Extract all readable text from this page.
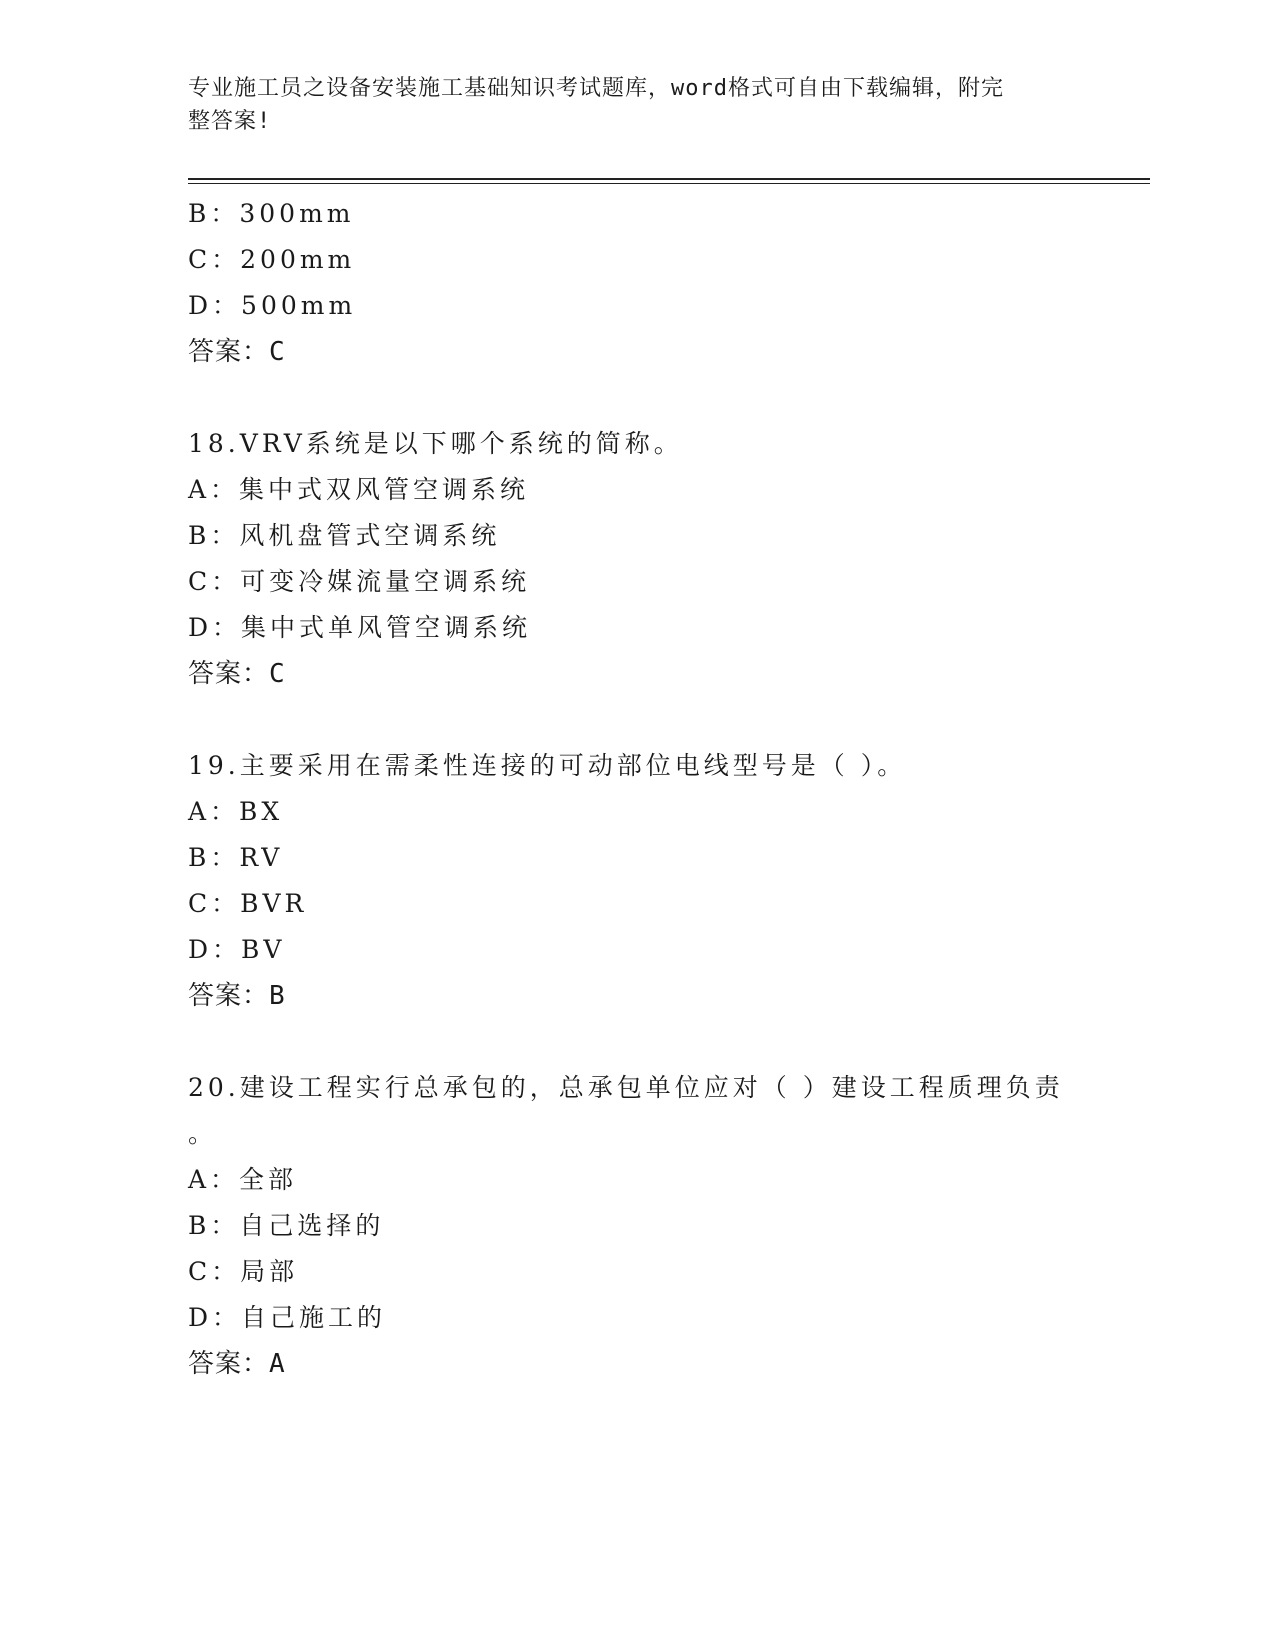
专业施工员之设备安装施工基础知识考试题库，word格式可自由下载编辑，附完
整答案!
B：300mm
C：200mm
D：500mm
答案：C
18.VRV系统是以下哪个系统的简称。
A：集中式双风管空调系统
B：风机盘管式空调系统
C：可变冷媒流量空调系统
D：集中式单风管空调系统
答案：C
19.主要采用在需柔性连接的可动部位电线型号是（ ）。
A：BX
B：RV
C：BVR
D：BV
答案：B
20.建设工程实行总承包的，总承包单位应对（ ）建设工程质理负责
。
A：全部
B：自己选择的
C：局部
D：自己施工的
答案：A
